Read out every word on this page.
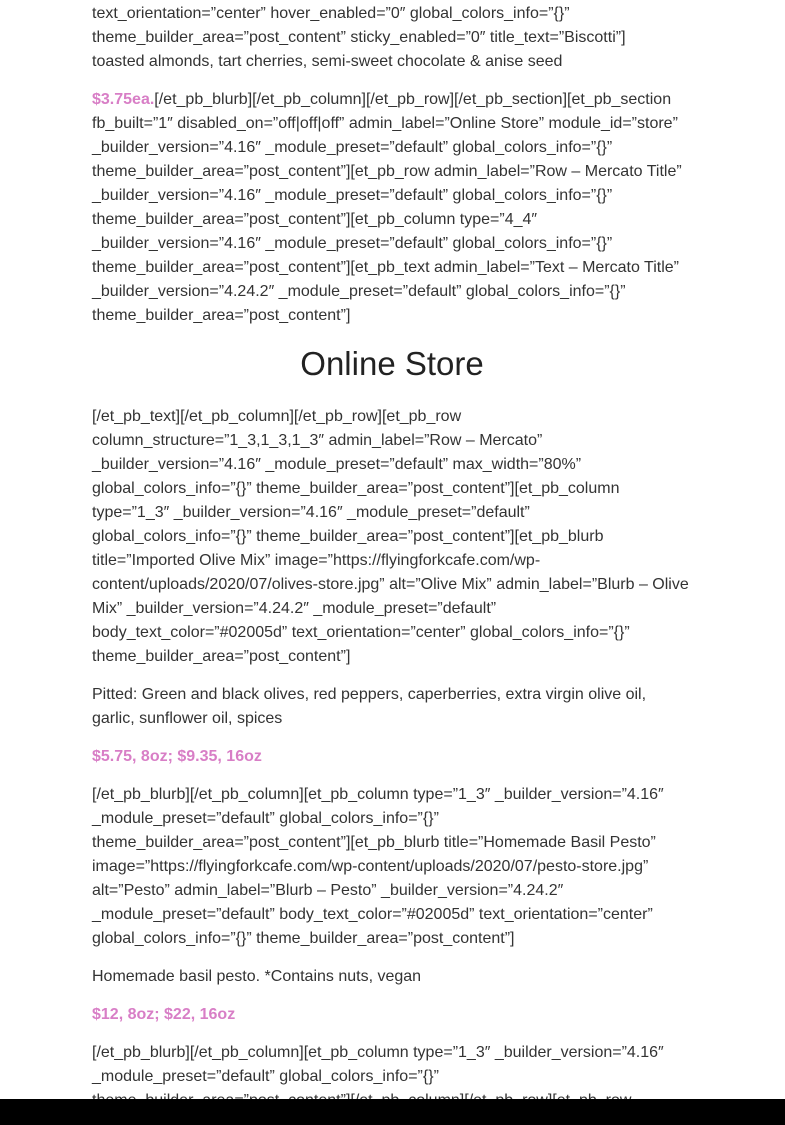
text_orientation=”center” hover_enabled=”0″ global_colors_info=”{}”
theme_builder_area=”post_content” sticky_enabled=”0″ title_text=”Biscotti”]
toasted almonds, tart cherries, semi-sweet chocolate & anise seed
$3.75ea.[/et_pb_blurb][/et_pb_column][/et_pb_row][/et_pb_section][et_pb_section fb_built=”1″ disabled_on=”off|off|off” admin_label=”Online Store” module_id=”store” _builder_version=”4.16″ _module_preset=”default” global_colors_info=”{}” theme_builder_area=”post_content”][et_pb_row admin_label=”Row – Mercato Title” _builder_version=”4.16″ _module_preset=”default” global_colors_info=”{}” theme_builder_area=”post_content”][et_pb_column type=”4_4″ _builder_version=”4.16″ _module_preset=”default” global_colors_info=”{}” theme_builder_area=”post_content”][et_pb_text admin_label=”Text – Mercato Title” _builder_version=”4.24.2″ _module_preset=”default” global_colors_info=”{}” theme_builder_area=”post_content”]
Online Store
[/et_pb_text][/et_pb_column][/et_pb_row][et_pb_row column_structure=”1_3,1_3,1_3″ admin_label=”Row – Mercato” _builder_version=”4.16″ _module_preset=”default” max_width=”80%” global_colors_info=”{}” theme_builder_area=”post_content”][et_pb_column type=”1_3″ _builder_version=”4.16″ _module_preset=”default” global_colors_info=”{}” theme_builder_area=”post_content”][et_pb_blurb title=”Imported Olive Mix” image=”https://flyingforkcafe.com/wp-content/uploads/2020/07/olives-store.jpg” alt=”Olive Mix” admin_label=”Blurb – Olive Mix” _builder_version=”4.24.2″ _module_preset=”default” body_text_color=”#02005d” text_orientation=”center” global_colors_info=”{}” theme_builder_area=”post_content”]
Pitted: Green and black olives, red peppers, caperberries, extra virgin olive oil, garlic, sunflower oil, spices
$5.75, 8oz; $9.35, 16oz
[/et_pb_blurb][/et_pb_column][et_pb_column type=”1_3″ _builder_version=”4.16″ _module_preset=”default” global_colors_info=”{}” theme_builder_area=”post_content”][et_pb_blurb title=”Homemade Basil Pesto” image=”https://flyingforkcafe.com/wp-content/uploads/2020/07/pesto-store.jpg” alt=”Pesto” admin_label=”Blurb – Pesto” _builder_version=”4.24.2″ _module_preset=”default” body_text_color=”#02005d” text_orientation=”center” global_colors_info=”{}” theme_builder_area=”post_content”]
Homemade basil pesto. *Contains nuts, vegan
$12, 8oz; $22, 16oz
[/et_pb_blurb][/et_pb_column][et_pb_column type=”1_3″ _builder_version=”4.16″
_module_preset=”default” global_colors_info=”{}”
